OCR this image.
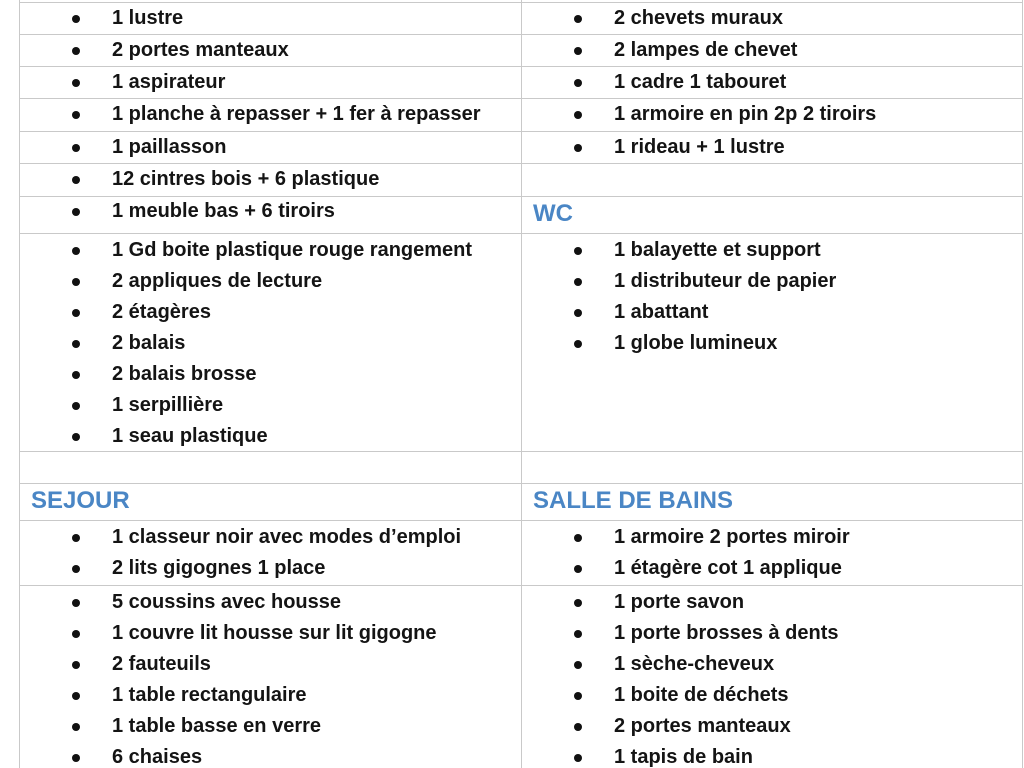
1 lustre
2 portes manteaux
1 aspirateur
1 planche à repasser + 1 fer à repasser
1 paillasson
12 cintres bois + 6 plastique
1 meuble bas + 6 tiroirs
2 chevets muraux
2 lampes de chevet
1 cadre 1 tabouret
1 armoire en pin 2p 2 tiroirs
1 rideau + 1 lustre
WC
1 Gd boite plastique rouge rangement
2 appliques de lecture
2 étagères
2 balais
2 balais brosse
1 serpillière
1 seau plastique
1 balayette et support
1 distributeur de papier
1 abattant
1 globe lumineux
SEJOUR	SALLE DE BAINS
1 classeur noir avec modes d’emploi
2 lits gigognes 1 place
1 armoire 2 portes miroir
1 étagère cot 1 applique
5 coussins avec housse
1 couvre lit housse sur lit gigogne
2 fauteuils
1 table rectangulaire
1 table basse en verre
6 chaises
1 porte savon
1 porte brosses à dents
1 sèche-cheveux
1 boite de déchets
2 portes manteaux
1 tapis de bain
